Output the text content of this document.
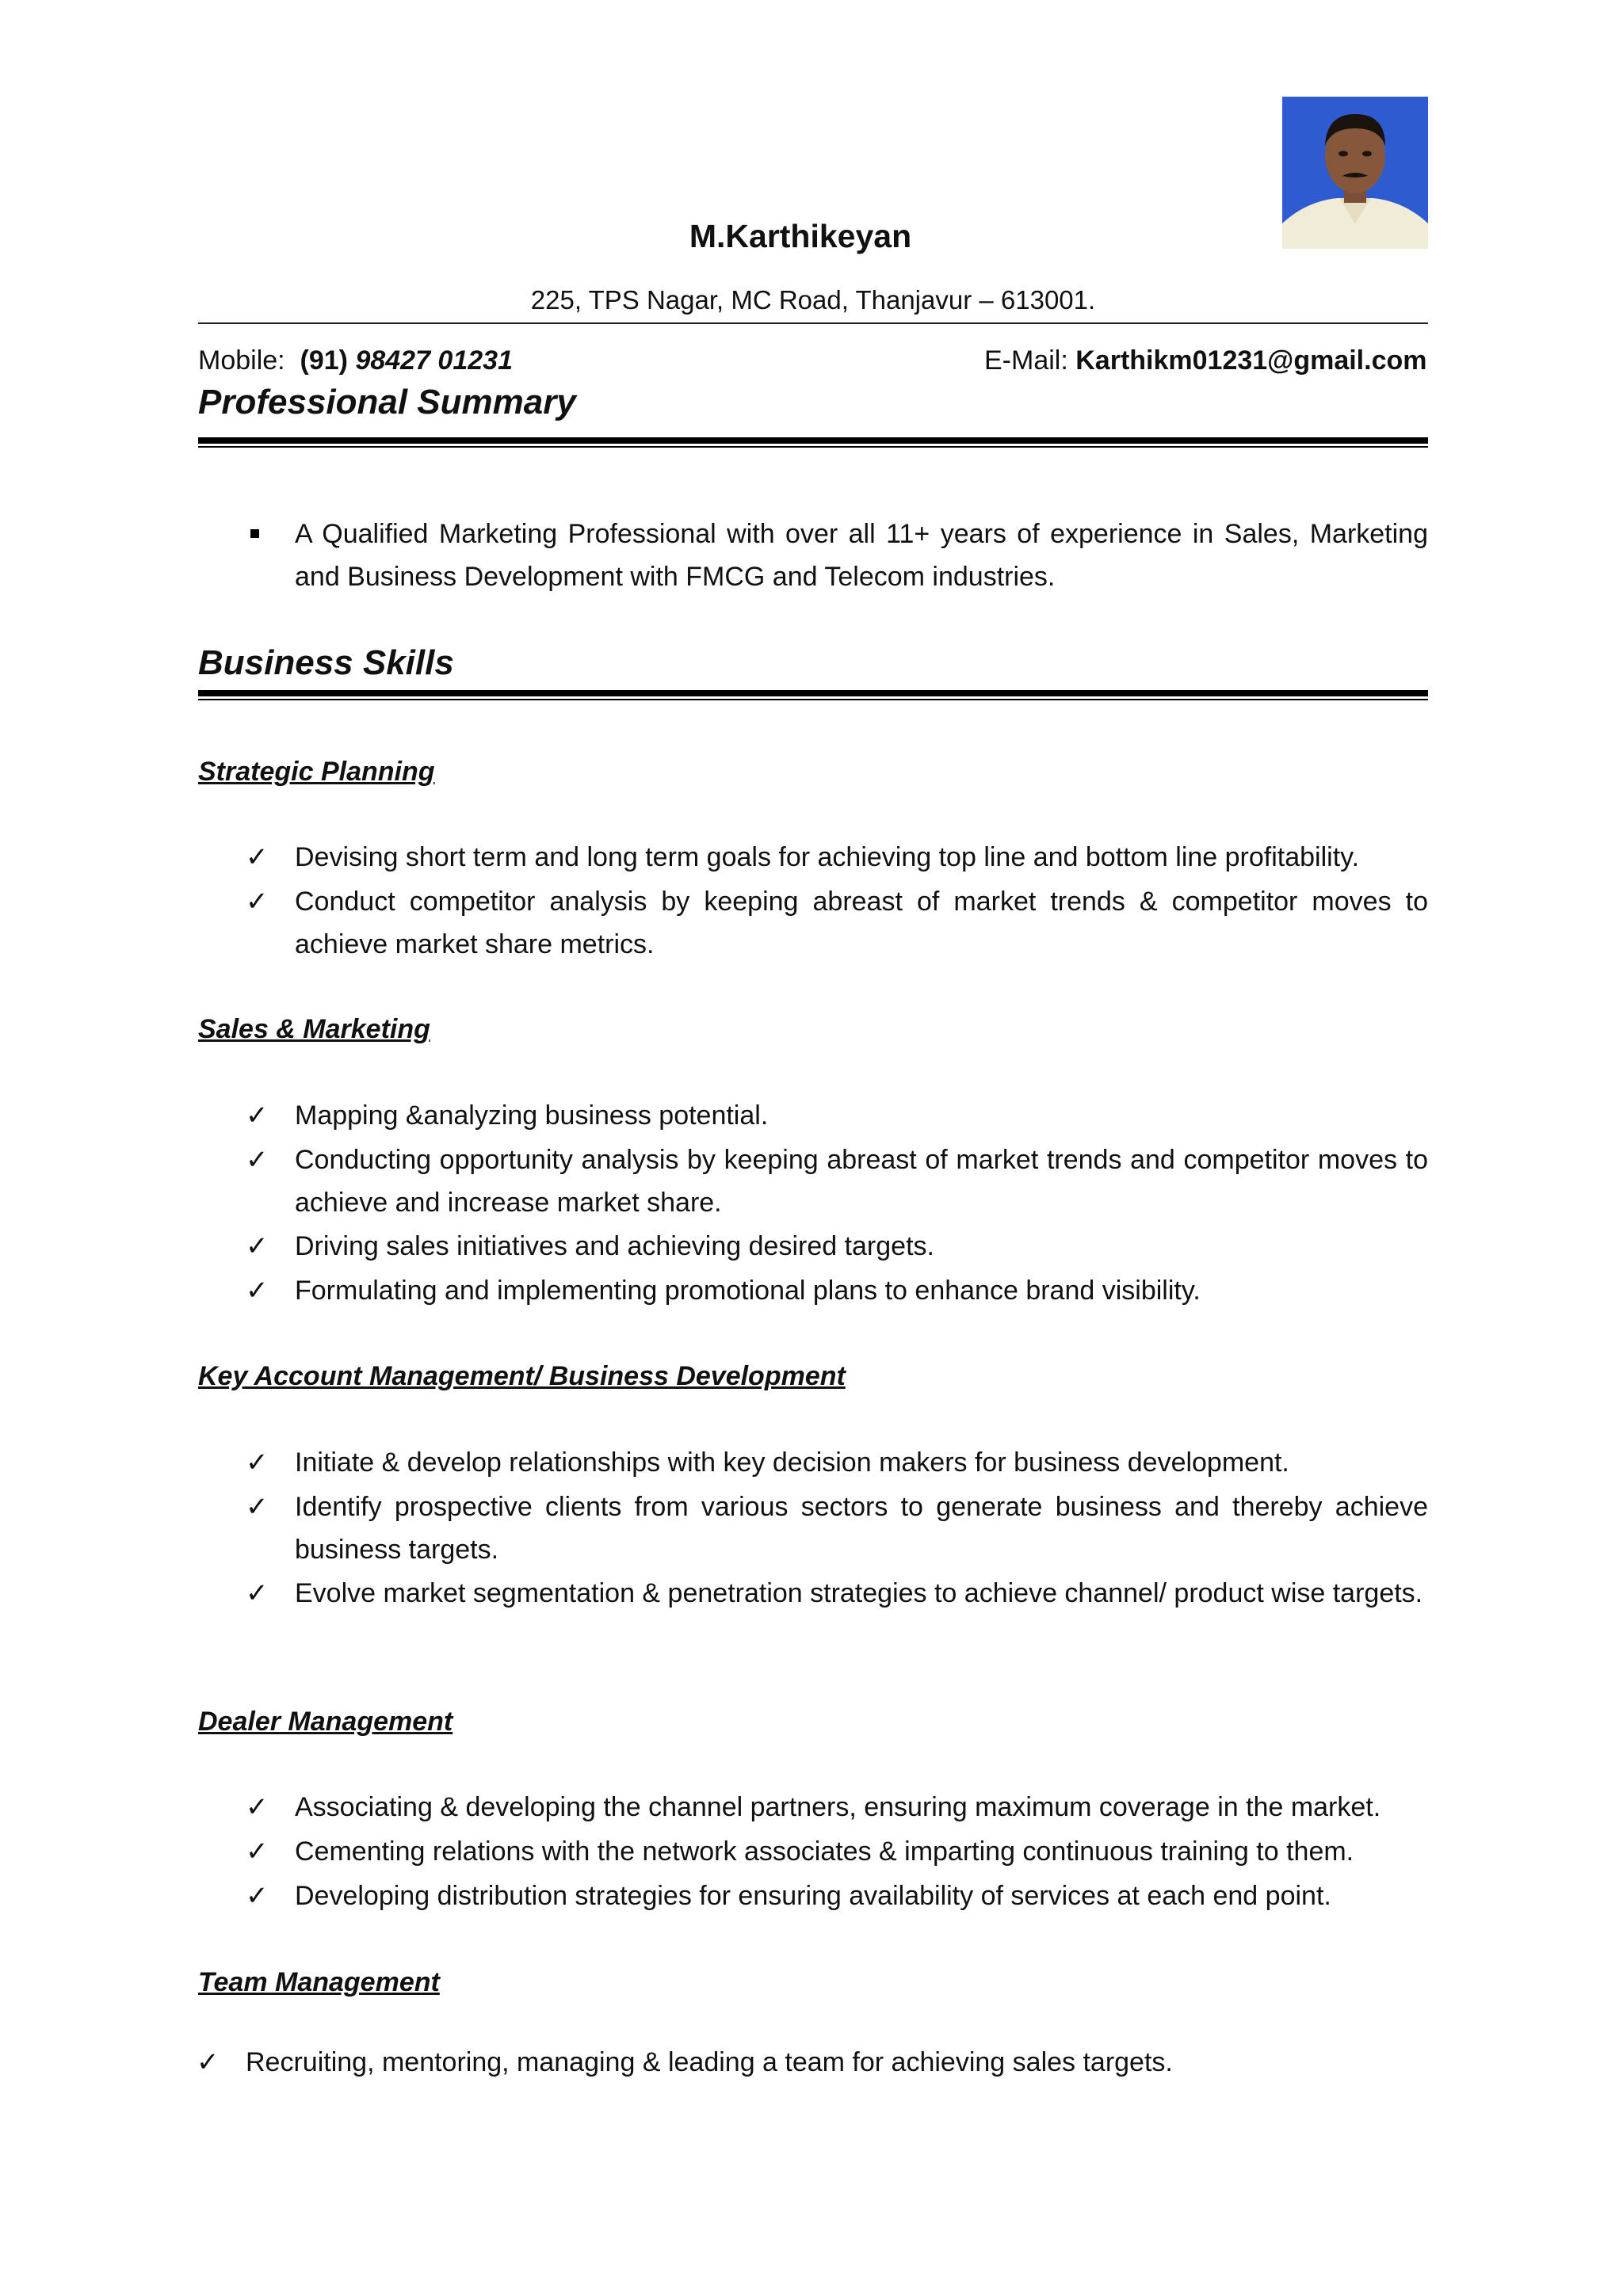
M.Karthikeyan
225, TPS Nagar, MC Road, Thanjavur – 613001.
Mobile: (91) 98427 01231	E-Mail: Karthikm01231@gmail.com
Professional Summary
A Qualified Marketing Professional with over all 11+ years of experience in Sales, Marketing and Business Development with FMCG and Telecom industries.
Business Skills
Strategic Planning
✓ Devising short term and long term goals for achieving top line and bottom line profitability.
✓ Conduct competitor analysis by keeping abreast of market trends & competitor moves to achieve market share metrics.
Sales & Marketing
✓ Mapping &analyzing business potential.
✓ Conducting opportunity analysis by keeping abreast of market trends and competitor moves to achieve and increase market share.
✓ Driving sales initiatives and achieving desired targets.
✓ Formulating and implementing promotional plans to enhance brand visibility.
Key Account Management/ Business Development
✓ Initiate & develop relationships with key decision makers for business development.
✓ Identify prospective clients from various sectors to generate business and thereby achieve business targets.
✓ Evolve market segmentation & penetration strategies to achieve channel/ product wise targets.
Dealer Management
✓ Associating & developing the channel partners, ensuring maximum coverage in the market.
✓ Cementing relations with the network associates & imparting continuous training to them.
✓ Developing distribution strategies for ensuring availability of services at each end point.
Team Management
✓ Recruiting, mentoring, managing & leading a team for achieving sales targets.
